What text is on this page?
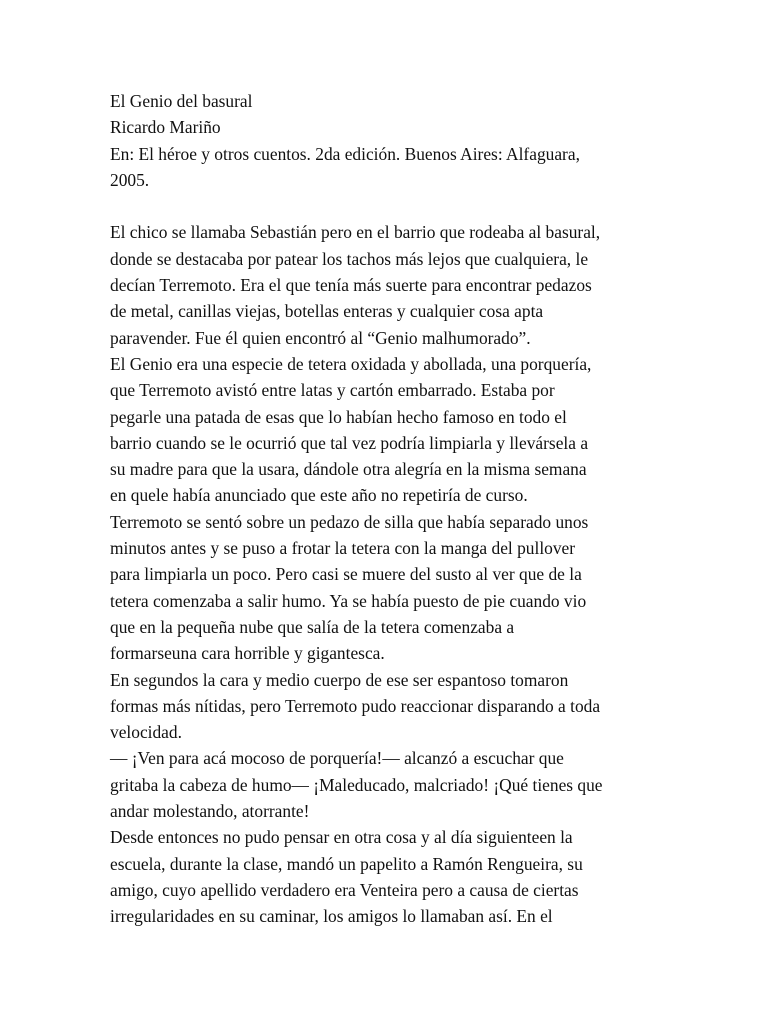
El Genio del basural
Ricardo Mariño
En: El héroe y otros cuentos. 2da edición. Buenos Aires: Alfaguara,
2005.
El chico se llamaba Sebastián pero en el barrio que rodeaba al basural,
donde se destacaba por patear los tachos más lejos que cualquiera, le
decían Terremoto. Era el que tenía más suerte para encontrar pedazos
de metal, canillas viejas, botellas enteras y cualquier cosa apta
paravender. Fue él quien encontró al “Genio malhumorado”.
El Genio era una especie de tetera oxidada y abollada, una porquería,
que Terremoto avistó entre latas y cartón embarrado. Estaba por
pegarle una patada de esas que lo habían hecho famoso en todo el
barrio cuando se le ocurrió que tal vez podría limpiarla y llevársela a
su madre para que la usara, dándole otra alegría en la misma semana
en quele había anunciado que este año no repetiría de curso.
Terremoto se sentó sobre un pedazo de silla que había separado unos
minutos antes y se puso a frotar la tetera con la manga del pullover
para limpiarla un poco. Pero casi se muere del susto al ver que de la
tetera comenzaba a salir humo. Ya se había puesto de pie cuando vio
que en la pequeña nube que salía de la tetera comenzaba a
formarseuna cara horrible y gigantesca.
En segundos la cara y medio cuerpo de ese ser espantoso tomaron
formas más nítidas, pero Terremoto pudo reaccionar disparando a toda
velocidad.
— ¡Ven para acá mocoso de porquería!— alcanzó a escuchar que
gritaba la cabeza de humo— ¡Maleducado, malcriado! ¡Qué tienes que
andar molestando, atorrante!
Desde entonces no pudo pensar en otra cosa y al día siguienteen la
escuela, durante la clase, mandó un papelito a Ramón Rengueira, su
amigo, cuyo apellido verdadero era Venteira pero a causa de ciertas
irregularidades en su caminar, los amigos lo llamaban así. En el
